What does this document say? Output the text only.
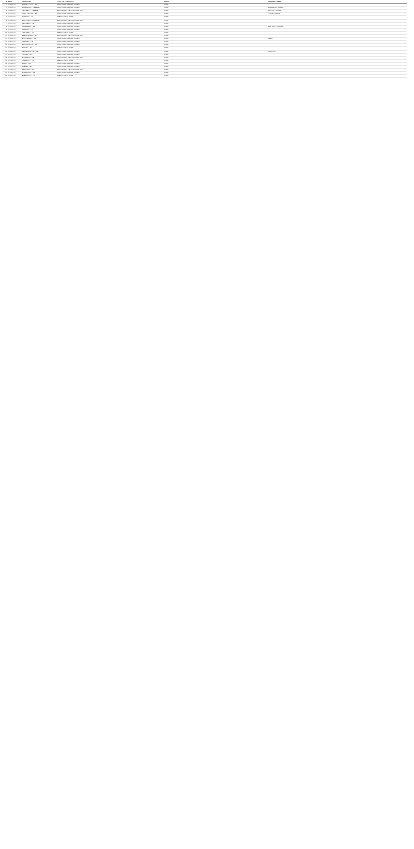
# DATE	LOCATION	TYPE OF FACILITY	EVENT	COMPANY NAME
1 1/02/22	DODGE CITY, KS	FOOD PROCESSING PLANT	FIRE
2 1/05/22	BOSWORTH, CANADA	FOOD PROCESSING PLANT	FIRE	BOSWORTH FOODS
3 1/08/22	CALGARY, CANADA	DESTROYED CATTLE/POULTRY	FIRE	KETTLE FOODS
4 1/10/22	FORT SMITH, AR	FOOD PROCESSING PLANT	FIRE	TYSON FOODS
5 1/12/22	GIRVIN, TX	GRAIN SILO FIRE	FIRE
6 1/14/22	BRITISH COLUMBIA	DESTROYED CATTLE/POULTRY	FIRE
7 1/17/22	SALINAS, CA	FOOD PROCESSING PLANT	FIRE
8 1/19/22	PEMBROKE, ON	FOOD PROCESSING PLANT	FIRE	RED HOT PEPPER
9 1/22/22	DENVER, CO	FOOD PROCESSING PLANT	FIRE
10 1/25/22	CHICAGO, IL	GRAIN SILO FIRE	FIRE
11 1/28/22	ABBOTSFORD, BC	DESTROYED CATTLE/POULTRY	FIRE
12 1/30/22	HILLSBORO, OR	FOOD PROCESSING PLANT	FIRE	FARM
13 2/01/22	FRESNO, CA	FOOD PROCESSING PLANT	FIRE
14 2/03/22	BELLEVILLE, ON	FOOD PROCESSING PLANT	FIRE
15 2/05/22	BOISE, ID	GRAIN SILO FIRE	FIRE
16 2/08/22	GAINESVILLE, GA	FOOD PROCESSING PLANT	FIRE	POULTRY
17 2/11/22	TULSA, OK	FOOD PROCESSING PLANT	FIRE
18 2/14/22	ATLANTA, GA	DESTROYED CATTLE/POULTRY	FIRE
19 2/16/22	LUBBOCK, TX	GRAIN SILO FIRE	FIRE
20 2/18/22	RENO, NV	FOOD PROCESSING PLANT	FIRE
21 2/21/22	OMAHA, NE	FOOD PROCESSING PLANT	FIRE
22 2/24/22	MADISON, WI	DESTROYED CATTLE/POULTRY	FIRE
23 2/26/22	WINNIPEG, MB	FOOD PROCESSING PLANT	FIRE
24 3/01/22	AMARILLO, TX	GRAIN SILO FIRE	FIRE
